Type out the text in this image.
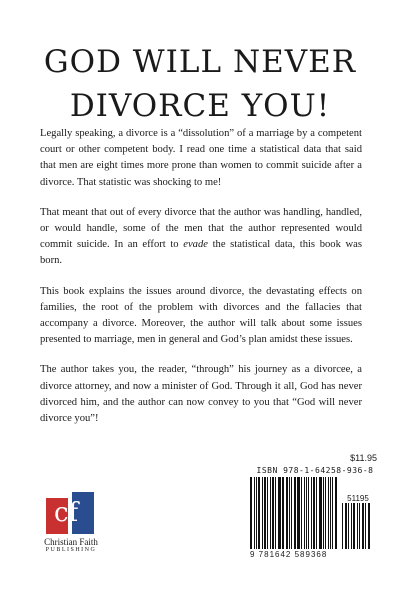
GOD WILL NEVER
DIVORCE YOU!

Legally speaking, a divorce is a “dissolution” of a marriage by a competent court or other competent body. I read one time a statistical data that said that men are eight times more prone than women to commit suicide after a divorce. That statistic was shocking to me!

That meant that out of every divorce that the author was handling, handled, or would handle, some of the men that the author represented would commit suicide. In an effort to evade the statistical data, this book was born.

This book explains the issues around divorce, the devastating effects on families, the root of the problem with divorces and the fallacies that accompany a divorce. Moreover, the author will talk about some issues presented to marriage, men in general and God’s plan amidst these issues.

The author takes you, the reader, “through” his journey as a divorcee, a divorce attorney, and now a minister of God. Through it all, God has never divorced him, and the author can now convey to you that “God will never divorce you”!

$11.95
ISBN 978-1-64258-936-8
51195
9 781642 589368
cf
Christian Faith
PUBLISHING
